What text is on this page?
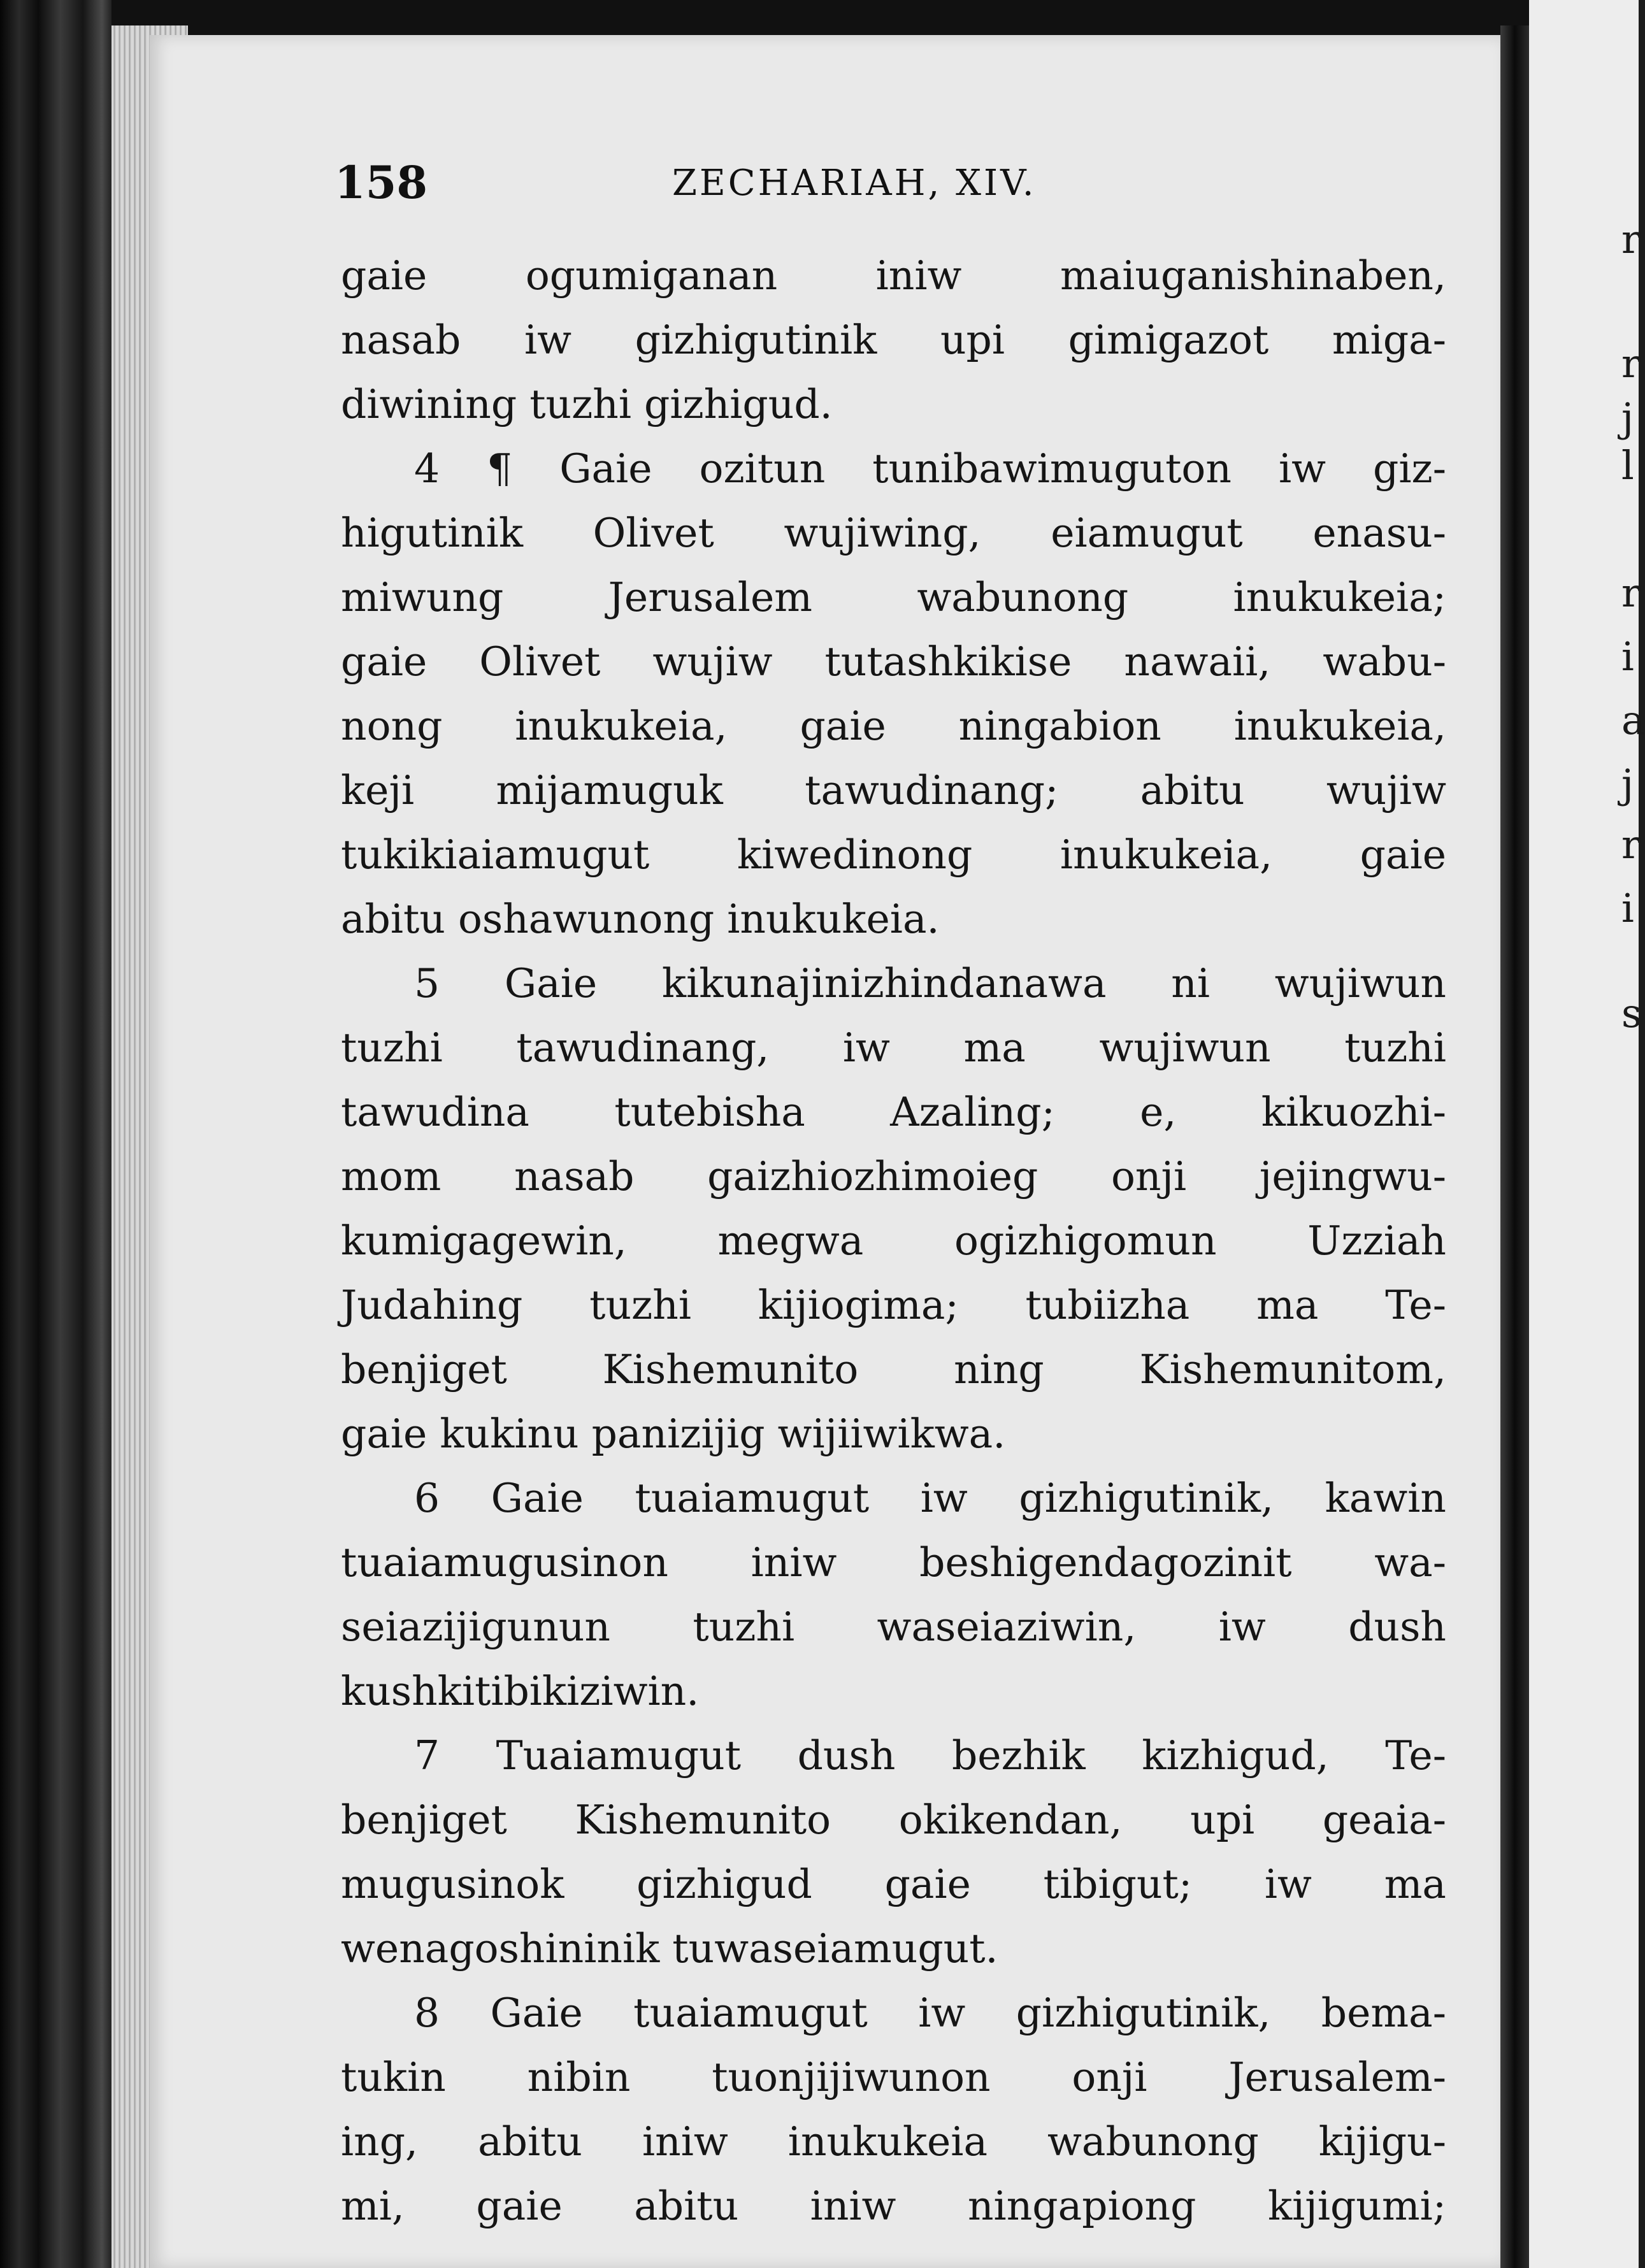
r
r
j
l
r
i
a
j
r
i
s
158	ZECHARIAH, XIV.
gaie ogumiganan iniw maiuganishinaben,
nasab iw gizhigutinik upi gimigazot miga-
diwining tuzhi gizhigud.
4 ¶ Gaie ozitun tunibawimuguton iw giz-
higutinik Olivet wujiwing, eiamugut enasu-
miwung Jerusalem wabunong inukukeia;
gaie Olivet wujiw tutashkikise nawaii, wabu-
nong inukukeia, gaie ningabion inukukeia,
keji mijamuguk tawudinang; abitu wujiw
tukikiaiamugut kiwedinong inukukeia, gaie
abitu oshawunong inukukeia.
5 Gaie kikunajinizhindanawa ni wujiwun
tuzhi tawudinang, iw ma wujiwun tuzhi
tawudina tutebisha Azaling; e, kikuozhi-
mom nasab gaizhiozhimoieg onji jejingwu-
kumigagewin, megwa ogizhigomun Uzziah
Judahing tuzhi kijiogima; tubiizha ma Te-
benjiget Kishemunito ning Kishemunitom,
gaie kukinu panizijig wijiiwikwa.
6 Gaie tuaiamugut iw gizhigutinik, kawin
tuaiamugusinon iniw beshigendagozinit wa-
seiazijigunun tuzhi waseiaziwin, iw dush
kushkitibikiziwin.
7 Tuaiamugut dush bezhik kizhigud, Te-
benjiget Kishemunito okikendan, upi geaia-
mugusinok gizhigud gaie tibigut; iw ma
wenagoshininik tuwaseiamugut.
8 Gaie tuaiamugut iw gizhigutinik, bema-
tukin nibin tuonjijiwunon onji Jerusalem-
ing, abitu iniw inukukeia wabunong kijigu-
mi, gaie abitu iniw ningapiong kijigumi;
